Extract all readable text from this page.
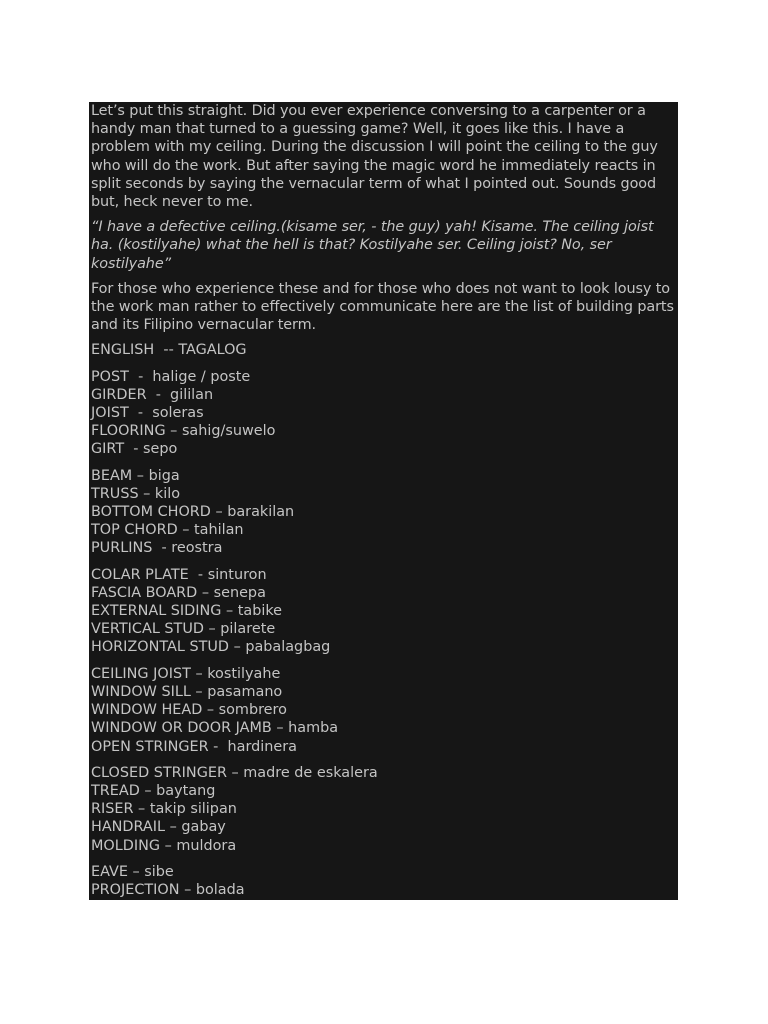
Let’s put this straight. Did you ever experience conversing to a carpenter or a handy man that turned to a guessing game? Well, it goes like this. I have a problem with my ceiling. During the discussion I will point the ceiling to the guy who will do the work. But after saying the magic word he immediately reacts in split seconds by saying the vernacular term of what I pointed out. Sounds good but, heck never to me.

“I have a defective ceiling.(kisame ser, - the guy) yah! Kisame. The ceiling joist ha. (kostilyahe) what the hell is that? Kostilyahe ser. Ceiling joist? No, ser kostilyahe”

For those who experience these and for those who does not want to look lousy to the work man rather to effectively communicate here are the list of building parts and its Filipino vernacular term.

ENGLISH  -- TAGALOG
POST  -  halige / poste
GIRDER  -  gililan
JOIST  -  soleras
FLOORING – sahig/suwelo
GIRT  - sepo
BEAM – biga
TRUSS – kilo
BOTTOM CHORD – barakilan
TOP CHORD – tahilan
PURLINS  - reostra
COLAR PLATE  - sinturon
FASCIA BOARD – senepa
EXTERNAL SIDING – tabike
VERTICAL STUD – pilarete
HORIZONTAL STUD – pabalagbag
CEILING JOIST – kostilyahe
WINDOW SILL – pasamano
WINDOW HEAD – sombrero
WINDOW OR DOOR JAMB – hamba
OPEN STRINGER -  hardinera
CLOSED STRINGER – madre de eskalera
TREAD – baytang
RISER – takip silipan
HANDRAIL – gabay
MOLDING – muldora
EAVE – sibe
PROJECTION – bolada
